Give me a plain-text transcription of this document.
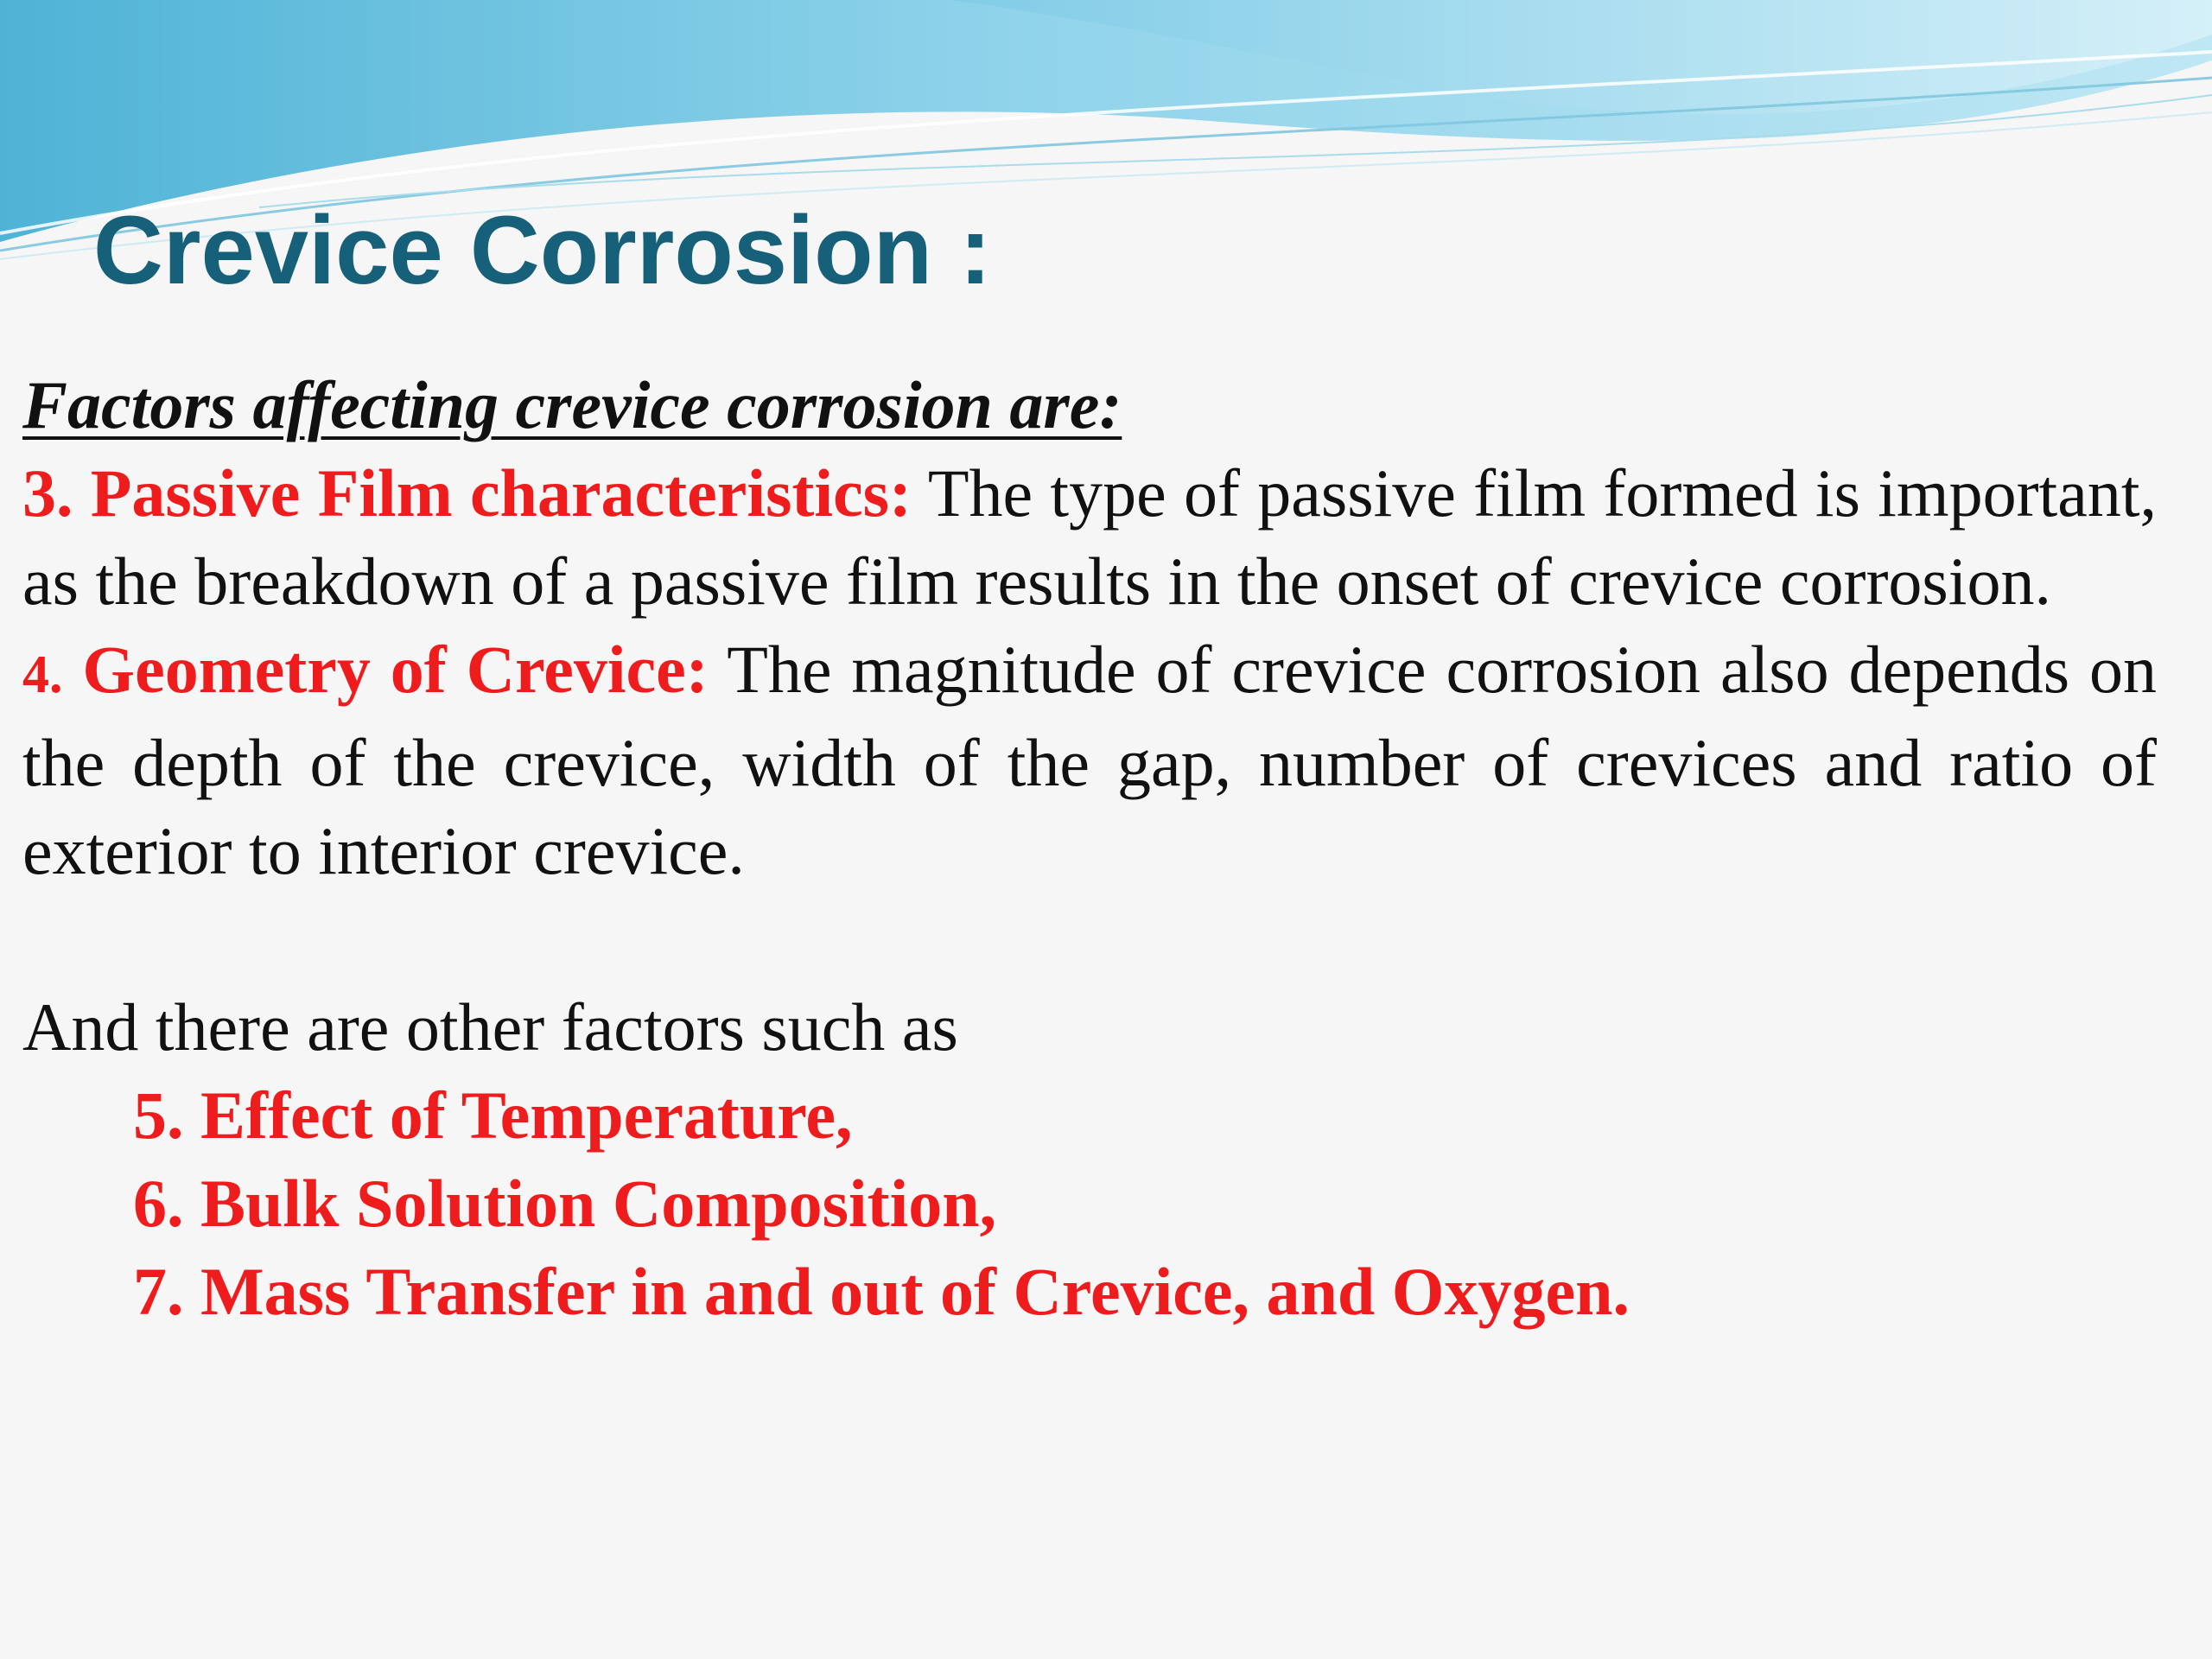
Crevice Corrosion :
Factors affecting crevice corrosion are:
3. Passive Film characteristics: The type of passive film formed is important, as the breakdown of a passive film results in the onset of crevice corrosion.
4. Geometry of Crevice: The magnitude of crevice corrosion also depends on the depth of the crevice, width of the gap, number of crevices and ratio of exterior to interior crevice.
And there are other factors such as
5. Effect of Temperature,
6. Bulk Solution Composition,
7. Mass Transfer in and out of Crevice, and Oxygen.
